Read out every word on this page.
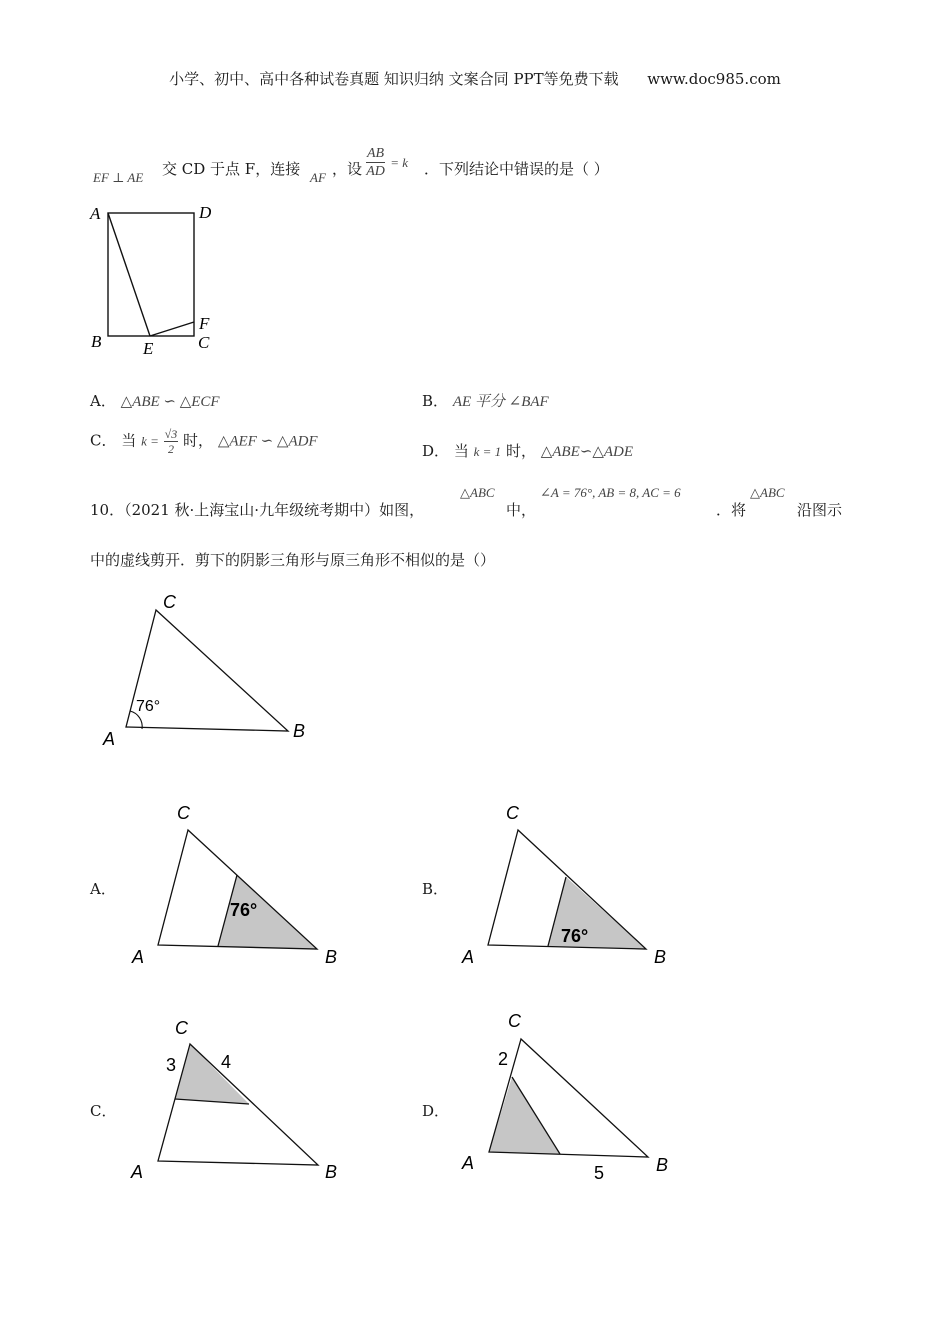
小学、初中、高中各种试卷真题 知识归纳 文案合同 PPT等免费下载 www.doc985.com
EF ⊥ AE 交 CD 于点 F，连接 AF ，设 $\frac{AB}{AD} = k$ ．下列结论中错误的是（ ）
A	D
B E	C
F
A． △ABE ∽ △ECF	B． AE 平分 ∠BAF
C． 当 $k = \frac{√3}{2}$ 时， △AEF ∽ △ADF
D． 当 k = 1 时， △ABE∽△ADE
10．（2021 秋·上海宝山·九年级统考期中）如图，
△ABC
中，
∠A = 76°, AB = 8, AC = 6
．将
△ABC
沿图示
中的虚线剪开．剪下的阴影三角形与原三角形不相似的是（）
76°
C
A	B
A．
76°
C
A	B
B．
76°
C
A	B
C．
3 4
C
A	B
D．
2
5
C
A	B
